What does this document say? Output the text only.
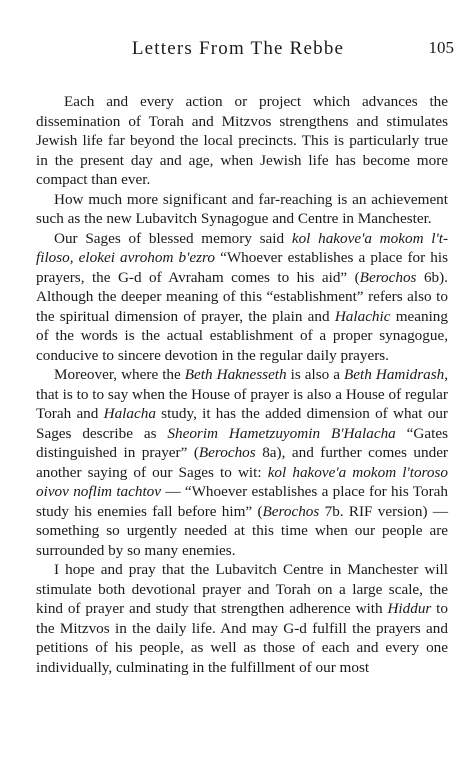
Letters From The Rebbe	105

Each and every action or project which advances the dissemination of Torah and Mitzvos strengthens and stimulates Jewish life far beyond the local precincts. This is particularly true in the present day and age, when Jewish life has become more compact than ever.

How much more significant and far-reaching is an achievement such as the new Lubavitch Synagogue and Centre in Manchester.

Our Sages of blessed memory said kol hakove'a mokom l't-filoso, elokei avrohom b'ezro “Whoever establishes a place for his prayers, the G-d of Avraham comes to his aid” (Berochos 6b). Although the deeper meaning of this “establishment” refers also to the spiritual dimension of prayer, the plain and Halachic meaning of the words is the actual establishment of a proper synagogue, conducive to sincere devotion in the regular daily prayers.

Moreover, where the Beth Haknesseth is also a Beth Hamidrash, that is to to say when the House of prayer is also a House of regular Torah and Halacha study, it has the added dimension of what our Sages describe as Sheorim Hametzuyomin B'Halacha “Gates distinguished in prayer” (Berochos 8a), and further comes under another saying of our Sages to wit: kol hakove'a mokom l'toroso oivov noflim tachtov — “Whoever establishes a place for his Torah study his enemies fall before him” (Berochos 7b. RIF version) — something so urgently needed at this time when our people are surrounded by so many enemies.

I hope and pray that the Lubavitch Centre in Manchester will stimulate both devotional prayer and Torah on a large scale, the kind of prayer and study that strengthen adherence with Hiddur to the Mitzvos in the daily life. And may G-d fulfill the prayers and petitions of his people, as well as those of each and every one individually, culminating in the fulfillment of our most
